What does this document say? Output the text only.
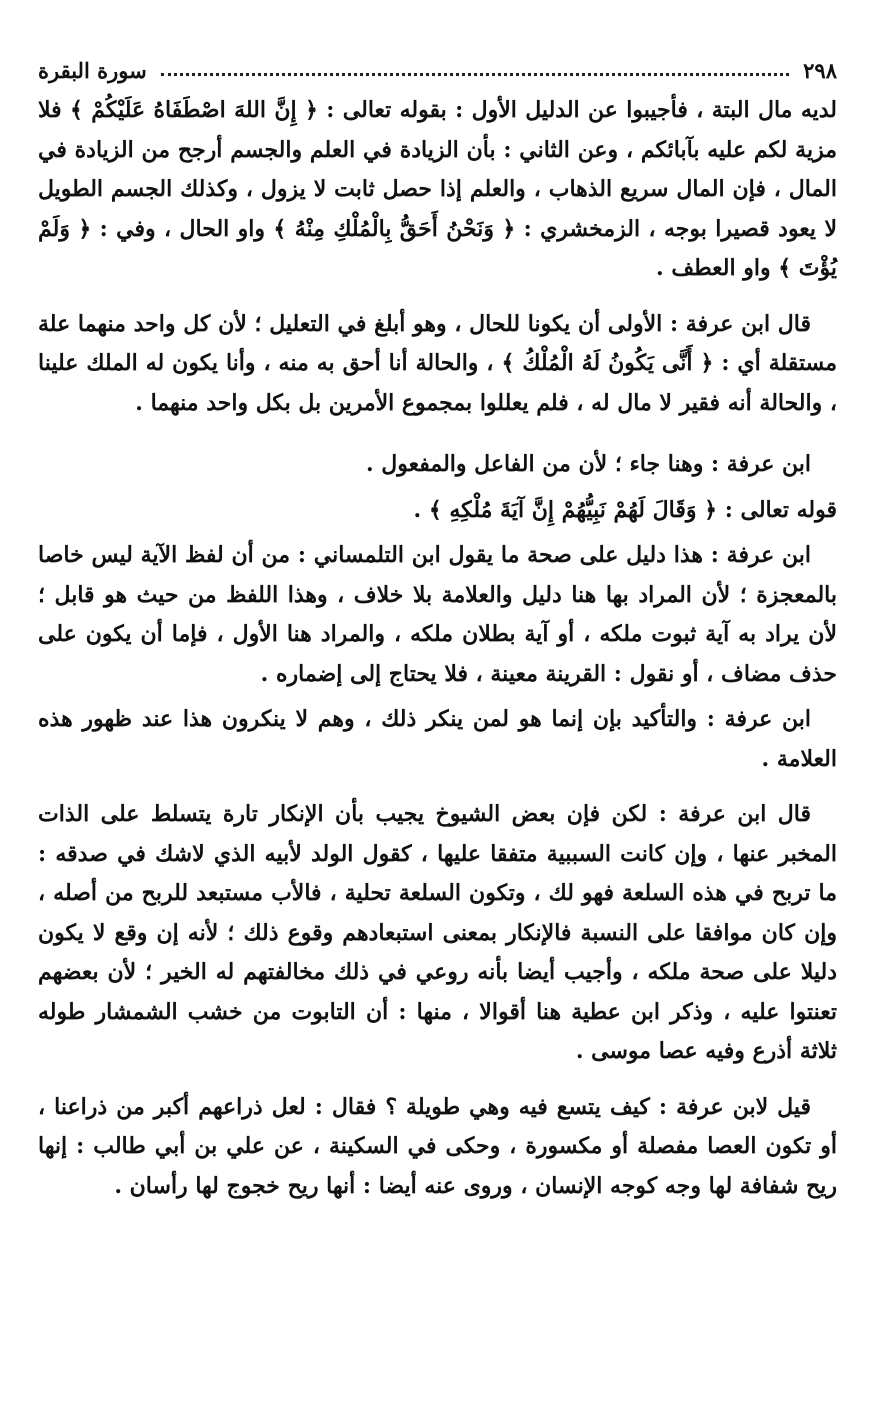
٢٩٨
سورة البقرة

لديه مال البتة ، فأجيبوا عن الدليل الأول : بقوله تعالى : ﴿ إِنَّ اللهَ اصْطَفَاهُ عَلَيْكُمْ ﴾ فلا مزية لكم عليه بآبائكم ، وعن الثاني : بأن الزيادة في العلم والجسم أرجح من الزيادة في المال ، فإن المال سريع الذهاب ، والعلم إذا حصل ثابت لا يزول ، وكذلك الجسم الطويل لا يعود قصيرا بوجه ، الزمخشري : ﴿ وَنَحْنُ أَحَقُّ بِالْمُلْكِ مِنْهُ ﴾ واو الحال ، وفي : ﴿ وَلَمْ يُؤْتَ ﴾ واو العطف .

قال ابن عرفة : الأولى أن يكونا للحال ، وهو أبلغ في التعليل ؛ لأن كل واحد منهما علة مستقلة أي : ﴿ أَنَّى يَكُونُ لَهُ الْمُلْكُ ﴾ ، والحالة أنا أحق به منه ، وأنا يكون له الملك علينا ، والحالة أنه فقير لا مال له ، فلم يعللوا بمجموع الأمرين بل بكل واحد منهما .

ابن عرفة : وهنا جاء ؛ لأن من الفاعل والمفعول .

قوله تعالى : ﴿ وَقَالَ لَهُمْ نَبِيُّهُمْ إِنَّ آيَةَ مُلْكِهِ ﴾ .

ابن عرفة : هذا دليل على صحة ما يقول ابن التلمساني : من أن لفظ الآية ليس خاصا بالمعجزة ؛ لأن المراد بها هنا دليل والعلامة بلا خلاف ، وهذا اللفظ من حيث هو قابل ؛ لأن يراد به آية ثبوت ملكه ، أو آية بطلان ملكه ، والمراد هنا الأول ، فإما أن يكون على حذف مضاف ، أو نقول : القرينة معينة ، فلا يحتاج إلى إضماره .

ابن عرفة : والتأكيد بإن إنما هو لمن ينكر ذلك ، وهم لا ينكرون هذا عند ظهور هذه العلامة .

قال ابن عرفة : لكن فإن بعض الشيوخ يجيب بأن الإنكار تارة يتسلط على الذات المخبر عنها ، وإن كانت السببية متفقا عليها ، كقول الولد لأبيه الذي لاشك في صدقه : ما تربح في هذه السلعة فهو لك ، وتكون السلعة تحلية ، فالأب مستبعد للربح من أصله ، وإن كان موافقا على النسبة فالإنكار بمعنى استبعادهم وقوع ذلك ؛ لأنه إن وقع لا يكون دليلا على صحة ملكه ، وأجيب أيضا بأنه روعي في ذلك مخالفتهم له الخير ؛ لأن بعضهم تعنتوا عليه ، وذكر ابن عطية هنا أقوالا ، منها : أن التابوت من خشب الشمشار طوله ثلاثة أذرع وفيه عصا موسى .

قيل لابن عرفة : كيف يتسع فيه وهي طويلة ؟ فقال : لعل ذراعهم أكبر من ذراعنا ، أو تكون العصا مفصلة أو مكسورة ، وحكى في السكينة ، عن علي بن أبي طالب : إنها ريح شفافة لها وجه كوجه الإنسان ، وروى عنه أيضا : أنها ريح خجوج لها رأسان .
